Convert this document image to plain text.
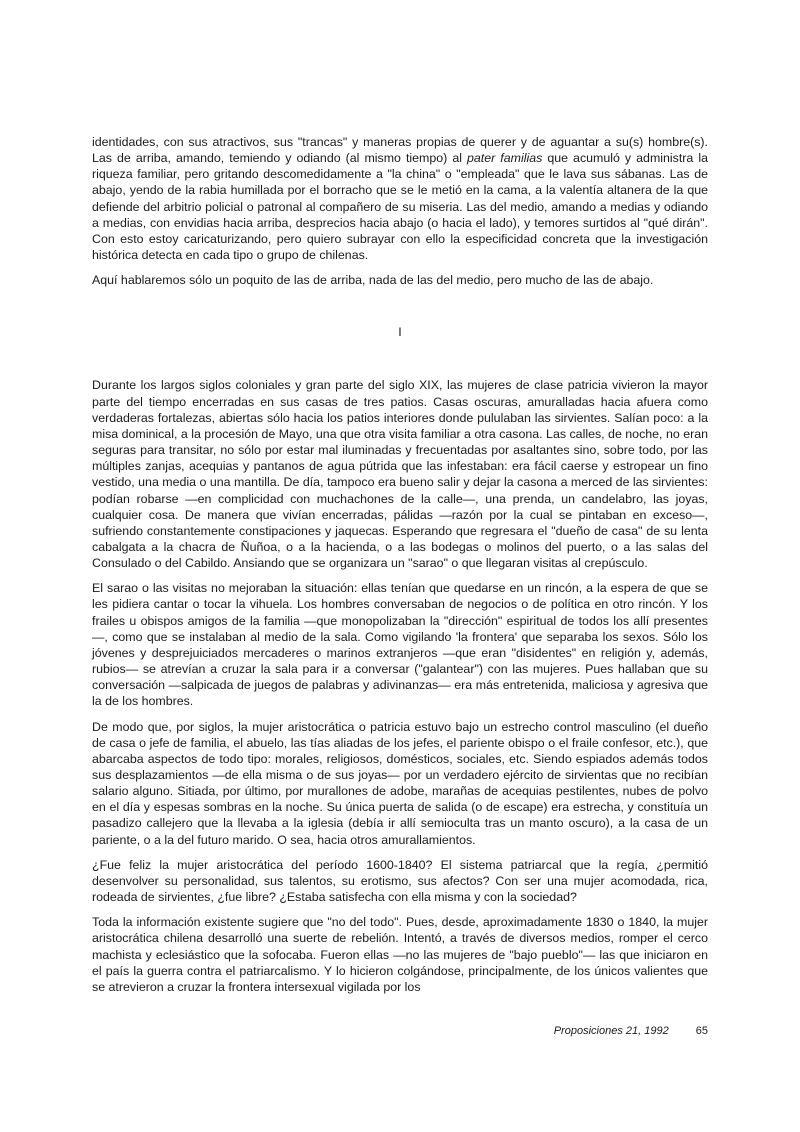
identidades, con sus atractivos, sus "trancas" y maneras propias de querer y de aguantar a su(s) hombre(s). Las de arriba, amando, temiendo y odiando (al mismo tiempo) al pater familias que acumuló y administra la riqueza familiar, pero gritando descomedidamente a "la china" o "empleada" que le lava sus sábanas. Las de abajo, yendo de la rabia humillada por el borracho que se le metió en la cama, a la valentía altanera de la que defiende del arbitrio policial o patronal al compañero de su miseria. Las del medio, amando a medias y odiando a medias, con envidias hacia arriba, desprecios hacia abajo (o hacia el lado), y temores surtidos al "qué dirán". Con esto estoy caricaturizando, pero quiero subrayar con ello la especificidad concreta que la investigación histórica detecta en cada tipo o grupo de chilenas.

Aquí hablaremos sólo un poquito de las de arriba, nada de las del medio, pero mucho de las de abajo.

I

Durante los largos siglos coloniales y gran parte del siglo XIX, las mujeres de clase patricia vivieron la mayor parte del tiempo encerradas en sus casas de tres patios. Casas oscuras, amuralladas hacia afuera como verdaderas fortalezas, abiertas sólo hacia los patios interiores donde pululaban las sirvientes. Salían poco: a la misa dominical, a la procesión de Mayo, una que otra visita familiar a otra casona. Las calles, de noche, no eran seguras para transitar, no sólo por estar mal iluminadas y frecuentadas por asaltantes sino, sobre todo, por las múltiples zanjas, acequias y pantanos de agua pútrida que las infestaban: era fácil caerse y estropear un fino vestido, una media o una mantilla. De día, tampoco era bueno salir y dejar la casona a merced de las sirvientes: podían robarse —en complicidad con muchachones de la calle—, una prenda, un candelabro, las joyas, cualquier cosa. De manera que vivían encerradas, pálidas —razón por la cual se pintaban en exceso—, sufriendo constantemente constipaciones y jaquecas. Esperando que regresara el "dueño de casa" de su lenta cabalgata a la chacra de Ñuñoa, o a la hacienda, o a las bodegas o molinos del puerto, o a las salas del Consulado o del Cabildo. Ansiando que se organizara un "sarao" o que llegaran visitas al crepúsculo.

El sarao o las visitas no mejoraban la situación: ellas tenían que quedarse en un rincón, a la espera de que se les pidiera cantar o tocar la vihuela. Los hombres conversaban de negocios o de política en otro rincón. Y los frailes u obispos amigos de la familia —que monopolizaban la "dirección" espiritual de todos los allí presentes—, como que se instalaban al medio de la sala. Como vigilando 'la frontera' que separaba los sexos. Sólo los jóvenes y desprejuiciados mercaderes o marinos extranjeros —que eran "disidentes" en religión y, además, rubios— se atrevían a cruzar la sala para ir a conversar ("galantear") con las mujeres. Pues hallaban que su conversación —salpicada de juegos de palabras y adivinanzas— era más entretenida, maliciosa y agresiva que la de los hombres.

De modo que, por siglos, la mujer aristocrática o patricia estuvo bajo un estrecho control masculino (el dueño de casa o jefe de familia, el abuelo, las tías aliadas de los jefes, el pariente obispo o el fraile confesor, etc.), que abarcaba aspectos de todo tipo: morales, religiosos, domésticos, sociales, etc. Siendo espiados además todos sus desplazamientos —de ella misma o de sus joyas— por un verdadero ejército de sirvientas que no recibían salario alguno. Sitiada, por último, por murallones de adobe, marañas de acequias pestilentes, nubes de polvo en el día y espesas sombras en la noche. Su única puerta de salida (o de escape) era estrecha, y constituía un pasadizo callejero que la llevaba a la iglesia (debía ir allí semioculta tras un manto oscuro), a la casa de un pariente, o a la del futuro marido. O sea, hacia otros amurallamientos.

¿Fue feliz la mujer aristocrática del período 1600-1840? El sistema patriarcal que la regía, ¿permitió desenvolver su personalidad, sus talentos, su erotismo, sus afectos? Con ser una mujer acomodada, rica, rodeada de sirvientes, ¿fue libre? ¿Estaba satisfecha con ella misma y con la sociedad?

Toda la información existente sugiere que "no del todo". Pues, desde, aproximadamente 1830 o 1840, la mujer aristocrática chilena desarrolló una suerte de rebelión. Intentó, a través de diversos medios, romper el cerco machista y eclesiástico que la sofocaba. Fueron ellas —no las mujeres de "bajo pueblo"— las que iniciaron en el país la guerra contra el patriarcalismo. Y lo hicieron colgándose, principalmente, de los únicos valientes que se atrevieron a cruzar la frontera intersexual vigilada por los

Proposiciones 21, 1992 65
